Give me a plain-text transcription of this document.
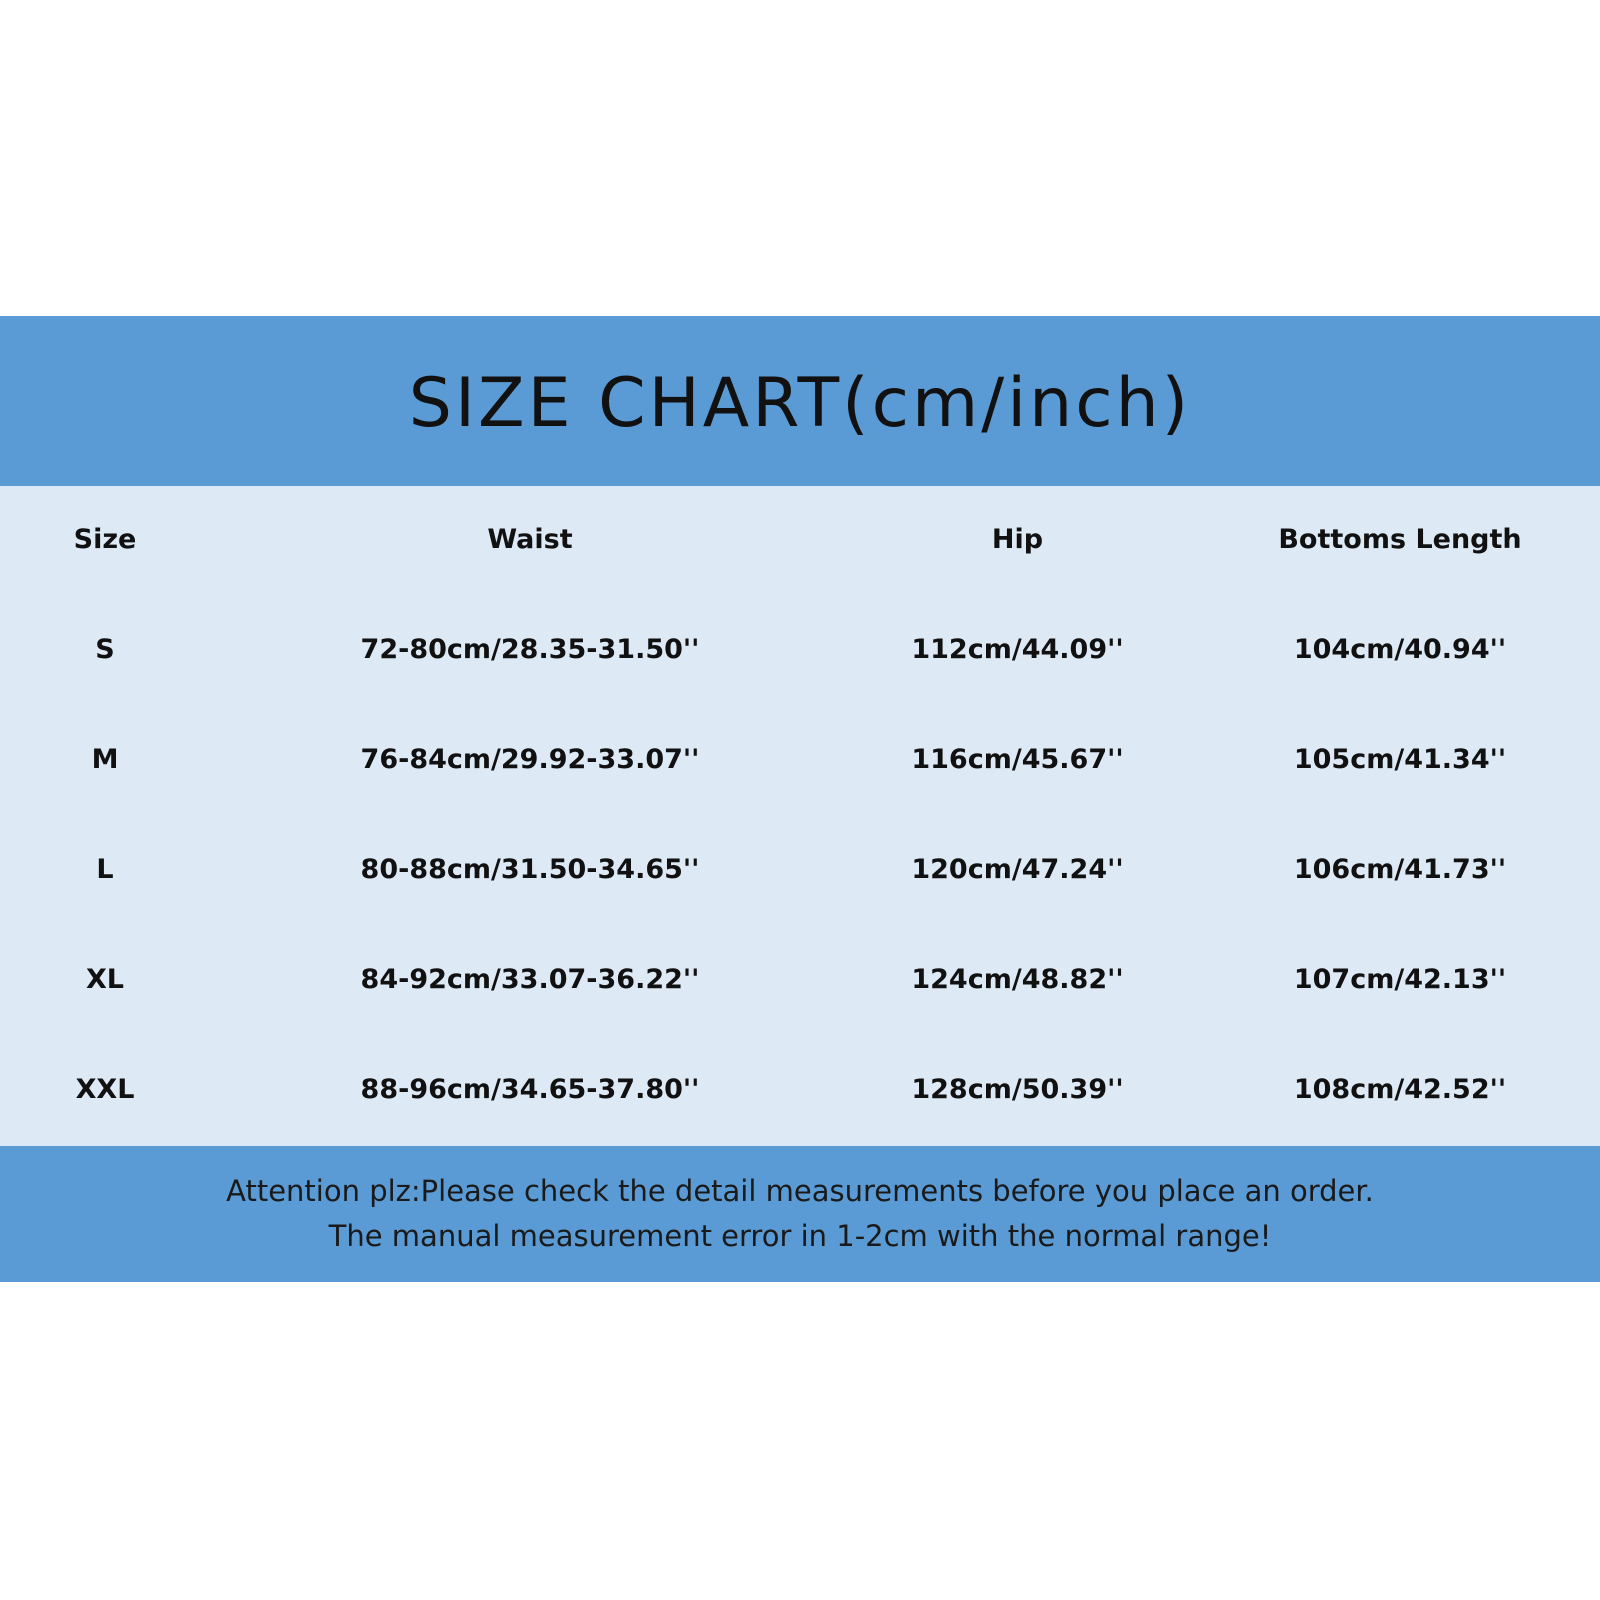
SIZE CHART(cm/inch)
Size	Waist	Hip	Bottoms Length
S	72-80cm/28.35-31.50''	112cm/44.09''	104cm/40.94''
M	76-84cm/29.92-33.07''	116cm/45.67''	105cm/41.34''
L	80-88cm/31.50-34.65''	120cm/47.24''	106cm/41.73''
XL	84-92cm/33.07-36.22''	124cm/48.82''	107cm/42.13''
XXL	88-96cm/34.65-37.80''	128cm/50.39''	108cm/42.52''
Attention plz:Please check the detail measurements before you place an order.
The manual measurement error in 1-2cm with the normal range!
